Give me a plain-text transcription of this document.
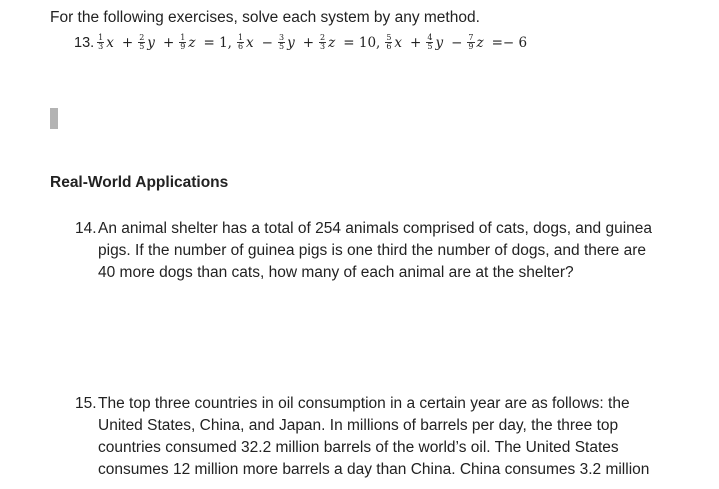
For the following exercises, solve each system by any method.
13. $\frac{1}{3}$ $x + \frac{2}{5}$ $y + \frac{1}{9}$ z = 1, $\frac{1}{6}$ $x - \frac{3}{5}$ $y + \frac{2}{3}$ z = 10, $\frac{5}{6}$ $x + \frac{4}{5}$ $y - \frac{7}{9}$ z =− 6
Real-World Applications
14. An animal shelter has a total of 254 animals comprised of cats, dogs, and guinea
pigs. If the number of guinea pigs is one third the number of dogs, and there are
40 more dogs than cats, how many of each animal are at the shelter?
15. The top three countries in oil consumption in a certain year are as follows: the
United States, China, and Japan. In millions of barrels per day, the three top
countries consumed 32.2 million barrels of the world’s oil. The United States
consumes 12 million more barrels a day than China. China consumes 3.2 million
